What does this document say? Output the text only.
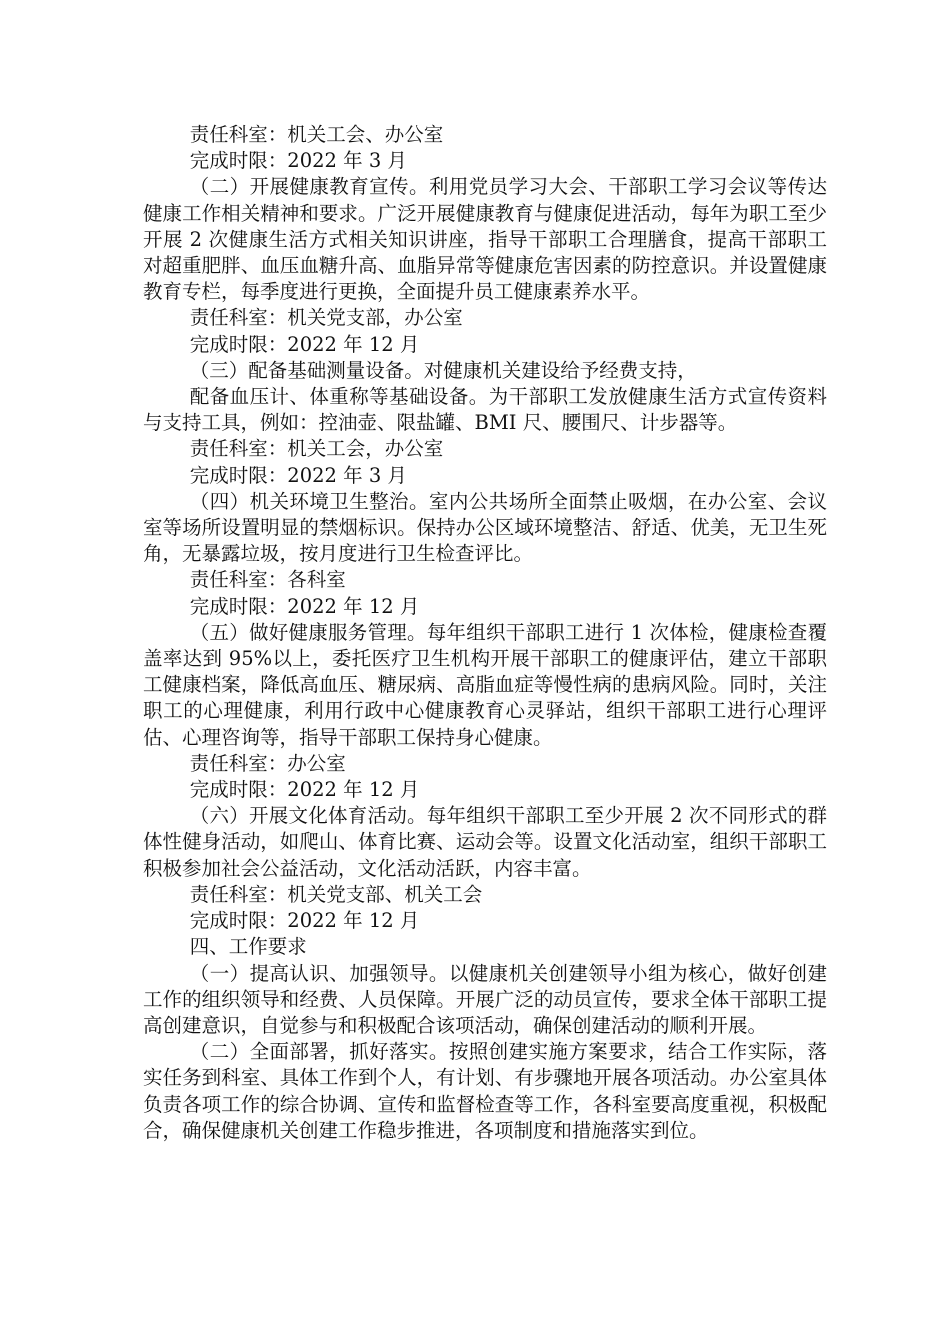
责任科室：机关工会、办公室

完成时限：2022 年 3 月

（二）开展健康教育宣传。利用党员学习大会、干部职工学习会议等传达健康工作相关精神和要求。广泛开展健康教育与健康促进活动，每年为职工至少开展 2 次健康生活方式相关知识讲座，指导干部职工合理膳食，提高干部职工对超重肥胖、血压血糖升高、血脂异常等健康危害因素的防控意识。并设置健康教育专栏，每季度进行更换，全面提升员工健康素养水平。

责任科室：机关党支部，办公室

完成时限：2022 年 12 月

（三）配备基础测量设备。对健康机关建设给予经费支持，

配备血压计、体重称等基础设备。为干部职工发放健康生活方式宣传资料与支持工具，例如：控油壶、限盐罐、BMI 尺、腰围尺、计步器等。

责任科室：机关工会，办公室

完成时限：2022 年 3 月

（四）机关环境卫生整治。室内公共场所全面禁止吸烟，在办公室、会议室等场所设置明显的禁烟标识。保持办公区域环境整洁、舒适、优美，无卫生死角，无暴露垃圾，按月度进行卫生检查评比。

责任科室：各科室

完成时限：2022 年 12 月

（五）做好健康服务管理。每年组织干部职工进行 1 次体检，健康检查覆盖率达到 95%以上，委托医疗卫生机构开展干部职工的健康评估，建立干部职工健康档案，降低高血压、糖尿病、高脂血症等慢性病的患病风险。同时，关注职工的心理健康，利用行政中心健康教育心灵驿站，组织干部职工进行心理评估、心理咨询等，指导干部职工保持身心健康。

责任科室：办公室

完成时限：2022 年 12 月

（六）开展文化体育活动。每年组织干部职工至少开展 2 次不同形式的群体性健身活动，如爬山、体育比赛、运动会等。设置文化活动室，组织干部职工积极参加社会公益活动，文化活动活跃，内容丰富。

责任科室：机关党支部、机关工会

完成时限：2022 年 12 月

四、工作要求

（一）提高认识、加强领导。以健康机关创建领导小组为核心，做好创建工作的组织领导和经费、人员保障。开展广泛的动员宣传，要求全体干部职工提高创建意识，自觉参与和积极配合该项活动，确保创建活动的顺利开展。

（二）全面部署，抓好落实。按照创建实施方案要求，结合工作实际，落实任务到科室、具体工作到个人，有计划、有步骤地开展各项活动。办公室具体负责各项工作的综合协调、宣传和监督检查等工作，各科室要高度重视，积极配合，确保健康机关创建工作稳步推进，各项制度和措施落实到位。
